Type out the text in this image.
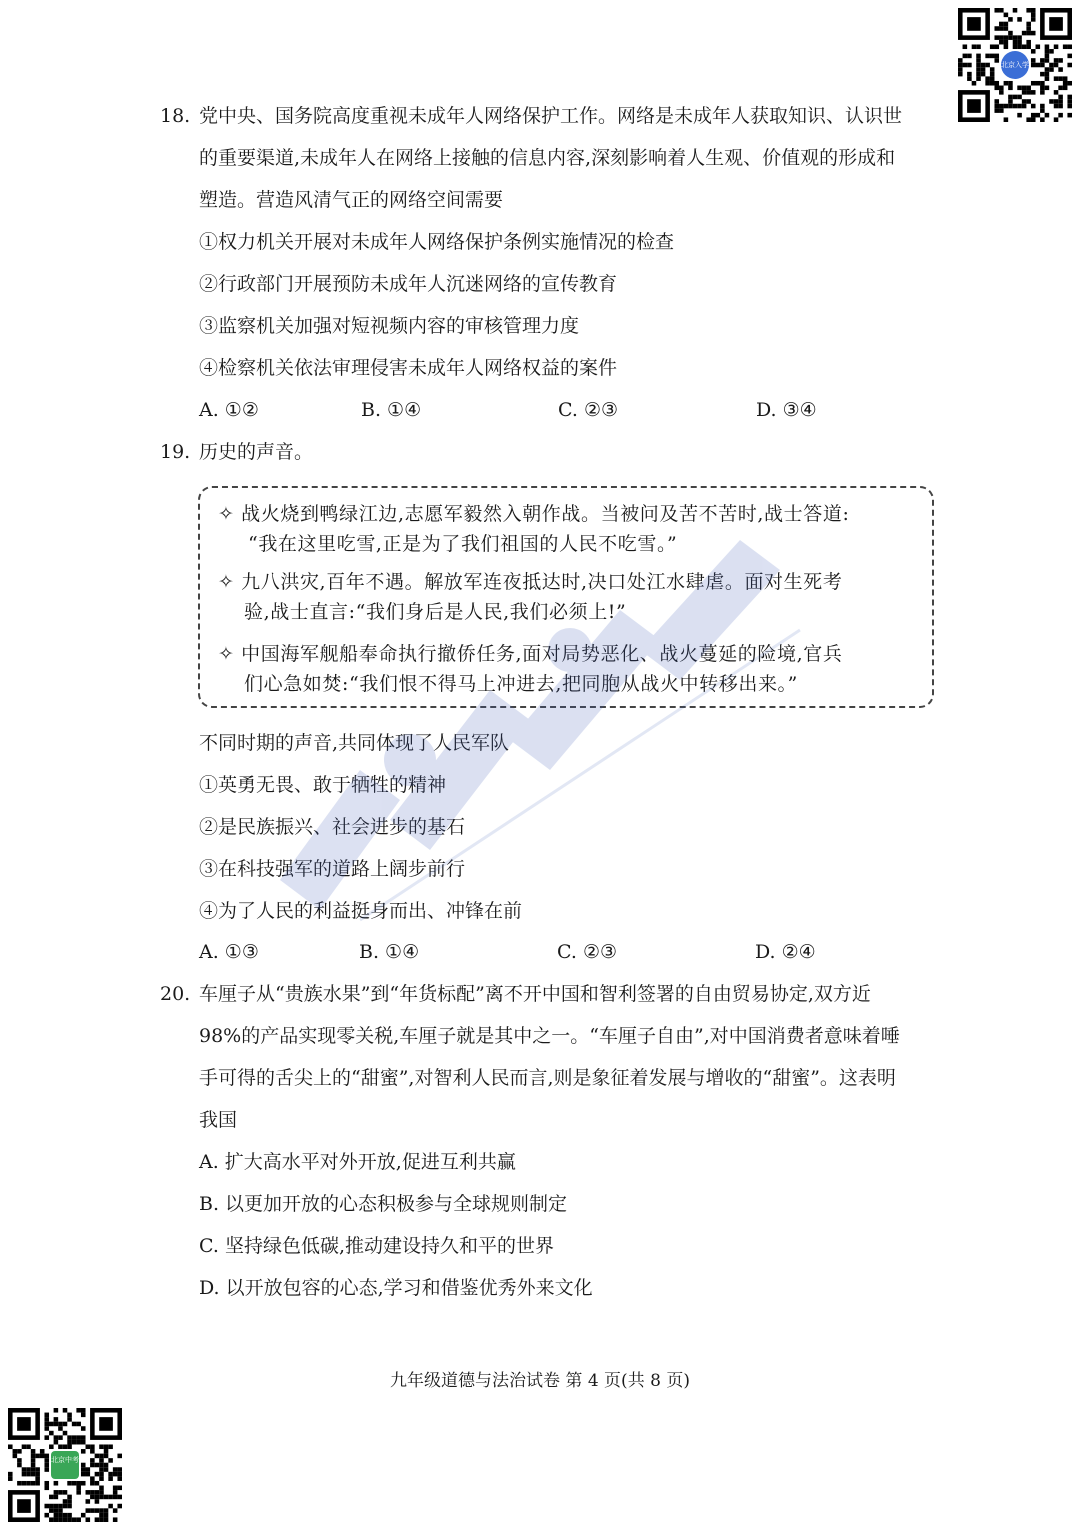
北京入学
18. 党中央、国务院高度重视未成年人网络保护工作。网络是未成年人获取知识、认识世
的重要渠道,未成年人在网络上接触的信息内容,深刻影响着人生观、价值观的形成和
塑造。营造风清气正的网络空间需要
①权力机关开展对未成年人网络保护条例实施情况的检查
②行政部门开展预防未成年人沉迷网络的宣传教育
③监察机关加强对短视频内容的审核管理力度
④检察机关依法审理侵害未成年人网络权益的案件
A. ①②	B. ①④	C. ②③	D. ③④
19. 历史的声音。
✧ 战火烧到鸭绿江边,志愿军毅然入朝作战。当被问及苦不苦时,战士答道:
“我在这里吃雪,正是为了我们祖国的人民不吃雪。”
✧ 九八洪灾,百年不遇。解放军连夜抵达时,决口处江水肆虐。面对生死考
验,战士直言:“我们身后是人民,我们必须上!”
✧ 中国海军舰船奉命执行撤侨任务,面对局势恶化、战火蔓延的险境,官兵
们心急如焚:“我们恨不得马上冲进去,把同胞从战火中转移出来。”
不同时期的声音,共同体现了人民军队
①英勇无畏、敢于牺牲的精神
②是民族振兴、社会进步的基石
③在科技强军的道路上阔步前行
④为了人民的利益挺身而出、冲锋在前
A. ①③	B. ①④	C. ②③	D. ②④
20. 车厘子从“贵族水果”到“年货标配”离不开中国和智利签署的自由贸易协定,双方近
98%的产品实现零关税,车厘子就是其中之一。“车厘子自由”,对中国消费者意味着唾
手可得的舌尖上的“甜蜜”,对智利人民而言,则是象征着发展与增收的“甜蜜”。这表明
我国
A. 扩大高水平对外开放,促进互利共赢
B. 以更加开放的心态积极参与全球规则制定
C. 坚持绿色低碳,推动建设持久和平的世界
D. 以开放包容的心态,学习和借鉴优秀外来文化
九年级道德与法治试卷 第 4 页(共 8 页)
北京中考
